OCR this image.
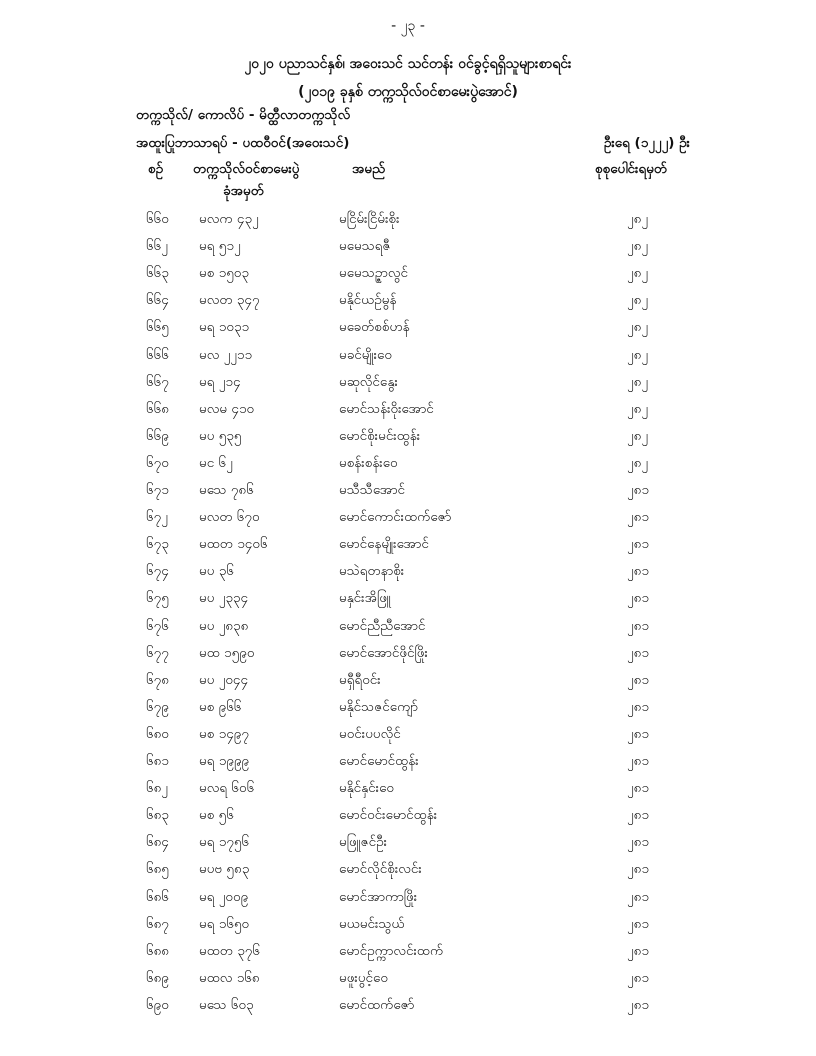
- ၂၃ -
၂၀၂၀ ပညာသင်နှစ်၊ အဝေးသင် သင်တန်း ဝင်ခွင့်ရရှိသူများစာရင်း
(၂၀၁၉ ခုနှစ် တက္ကသိုလ်ဝင်စာမေးပွဲအောင်)
တက္ကသိုလ်/ ကောလိပ် - မိတ္ထီလာတက္ကသိုလ်
အထူးပြုဘာသာရပ် - ပထဝီဝင်(အဝေးသင်)	ဦးရေ (၁၂၂၂) ဦး
စဉ် တက္ကသိုလ်ဝင်စာမေးပွဲ
ခုံအမှတ်
အမည်	စုစုပေါင်းရမှတ်
၆၆၀ မလက ၄၃၂	မငြိမ်းငြိမ်းစိုး	၂၈၂
၆၆၂ မရ ၅၁၂	မမေသရဇီ	၂၈၂
၆၆၃ မစ ၁၅၀၃	မမေသဉ္ဇာလွင်	၂၈၂
၆၆၄ မလတ ၃၄၇	မနိုင်ယဉ်မွန်	၂၈၂
၆၆၅ မရ ၁၀၃၁	မခေတ်စစ်ဟန်	၂၈၂
၆၆၆ မလ ၂၂၁၁	မခင်မျိုးဝေ	၂၈၂
၆၆၇ မရ ၂၁၄	မဆုလိုင်နွေး	၂၈၂
၆၆၈ မလမ ၄၁၀	မောင်သန်းဝိုးအောင်	၂၈၂
၆၆၉ မပ ၅၃၅	မောင်စိုးမင်းထွန်း	၂၈၂
၆၇၀ မင ၆၂	မစန်းစန်းဝေ	၂၈၂
၆၇၁ မသေ ၇၈၆	မသီသီအောင်	၂၈၁
၆၇၂ မလတ ၆၇၀	မောင်ကောင်းထက်ဇော်	၂၈၁
၆၇၃ မထတ ၁၄၀၆	မောင်နေမျိုးအောင်	၂၈၁
၆၇၄ မပ ၃၆	မသဲရတနာစိုး	၂၈၁
၆၇၅ မပ ၂၃၃၄	မနှင်းအိဖြူ	၂၈၁
၆၇၆ မပ ၂၈၃၈	မောင်ညီညီအောင်	၂၈၁
၆၇၇ မထ ၁၅၉၀	မောင်အောင်ဖိုင်ဖြိုး	၂၈၁
၆၇၈ မပ ၂၀၄၄	မရှီရီဝင်း	၂၈၁
၆၇၉ မစ ၉၆၆	မနိုင်သဇင်ကျော်	၂၈၁
၆၈၀ မစ ၁၄၉၇	မဝင်းပပလိုင်	၂၈၁
၆၈၁ မရ ၁၉၉၉	မောင်မောင်ထွန်း	၂၈၁
၆၈၂ မလရ ၆၀၆	မနိုင်နှင်းဝေ	၂၈၁
၆၈၃ မစ ၅၆	မောင်ဝင်းမောင်ထွန်း	၂၈၁
၆၈၄ မရ ၁၇၅၆	မဖြူဇင်ဦး	၂၈၁
၆၈၅ မပဗ ၅၈၃	မောင်လိုင်စိုးလင်း	၂၈၁
၆၈၆ မရ ၂၀၀၉	မောင်အာကာဖြိုး	၂၈၁
၆၈၇ မရ ၁၆၅၀	မယမင်းသွယ်	၂၈၁
၆၈၈ မထတ ၃၇၆	မောင်ဥက္ကာလင်းထက်	၂၈၁
၆၈၉ မထလ ၁၆၈	မဖူးပွင့်ဝေ	၂၈၁
၆၉၀ မသေ ၆၀၃	မောင်ထက်ဇော်	၂၈၁
